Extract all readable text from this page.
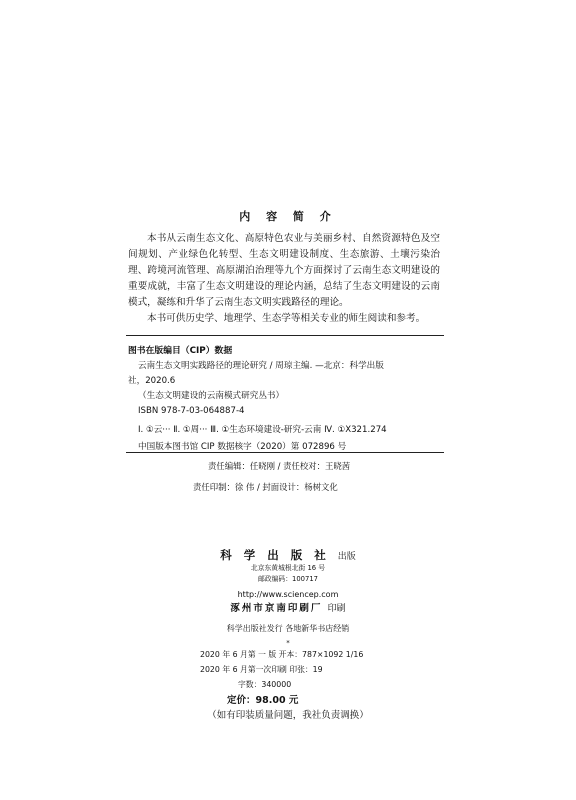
内 容 简 介

本书从云南生态文化、高原特色农业与美丽乡村、自然资源特色及空间规划、产业绿色化转型、生态文明建设制度、生态旅游、土壤污染治理、跨境河流管理、高原湖泊治理等九个方面探讨了云南生态文明建设的重要成就，丰富了生态文明建设的理论内涵，总结了生态文明建设的云南模式，凝练和升华了云南生态文明实践路径的理论。

本书可供历史学、地理学、生态学等相关专业的师生阅读和参考。

图书在版编目（CIP）数据
云南生态文明实践路径的理论研究 / 周琼主编. —北京：科学出版
社，2020.6
（生态文明建设的云南模式研究丛书）
ISBN 978-7-03-064887-4
Ⅰ. ①云··· Ⅱ. ①周··· Ⅲ. ①生态环境建设-研究-云南 Ⅳ. ①X321.274
中国版本图书馆 CIP 数据核字（2020）第 072896 号
责任编辑：任晓刚 / 责任校对：王晓茜
责任印制：徐 伟 / 封面设计：杨树文化
科 学 出 版 社 出版
北京东黄城根北街 16 号
邮政编码：100717
http://www.sciencep.com
涿州市京南印刷厂 印刷
科学出版社发行 各地新华书店经销
*
2020 年 6 月第 一 版 开本：787×1092 1/16
2020 年 6 月第一次印刷 印张：19
字数：340000
定价：98.00 元
（如有印装质量问题，我社负责调换）
